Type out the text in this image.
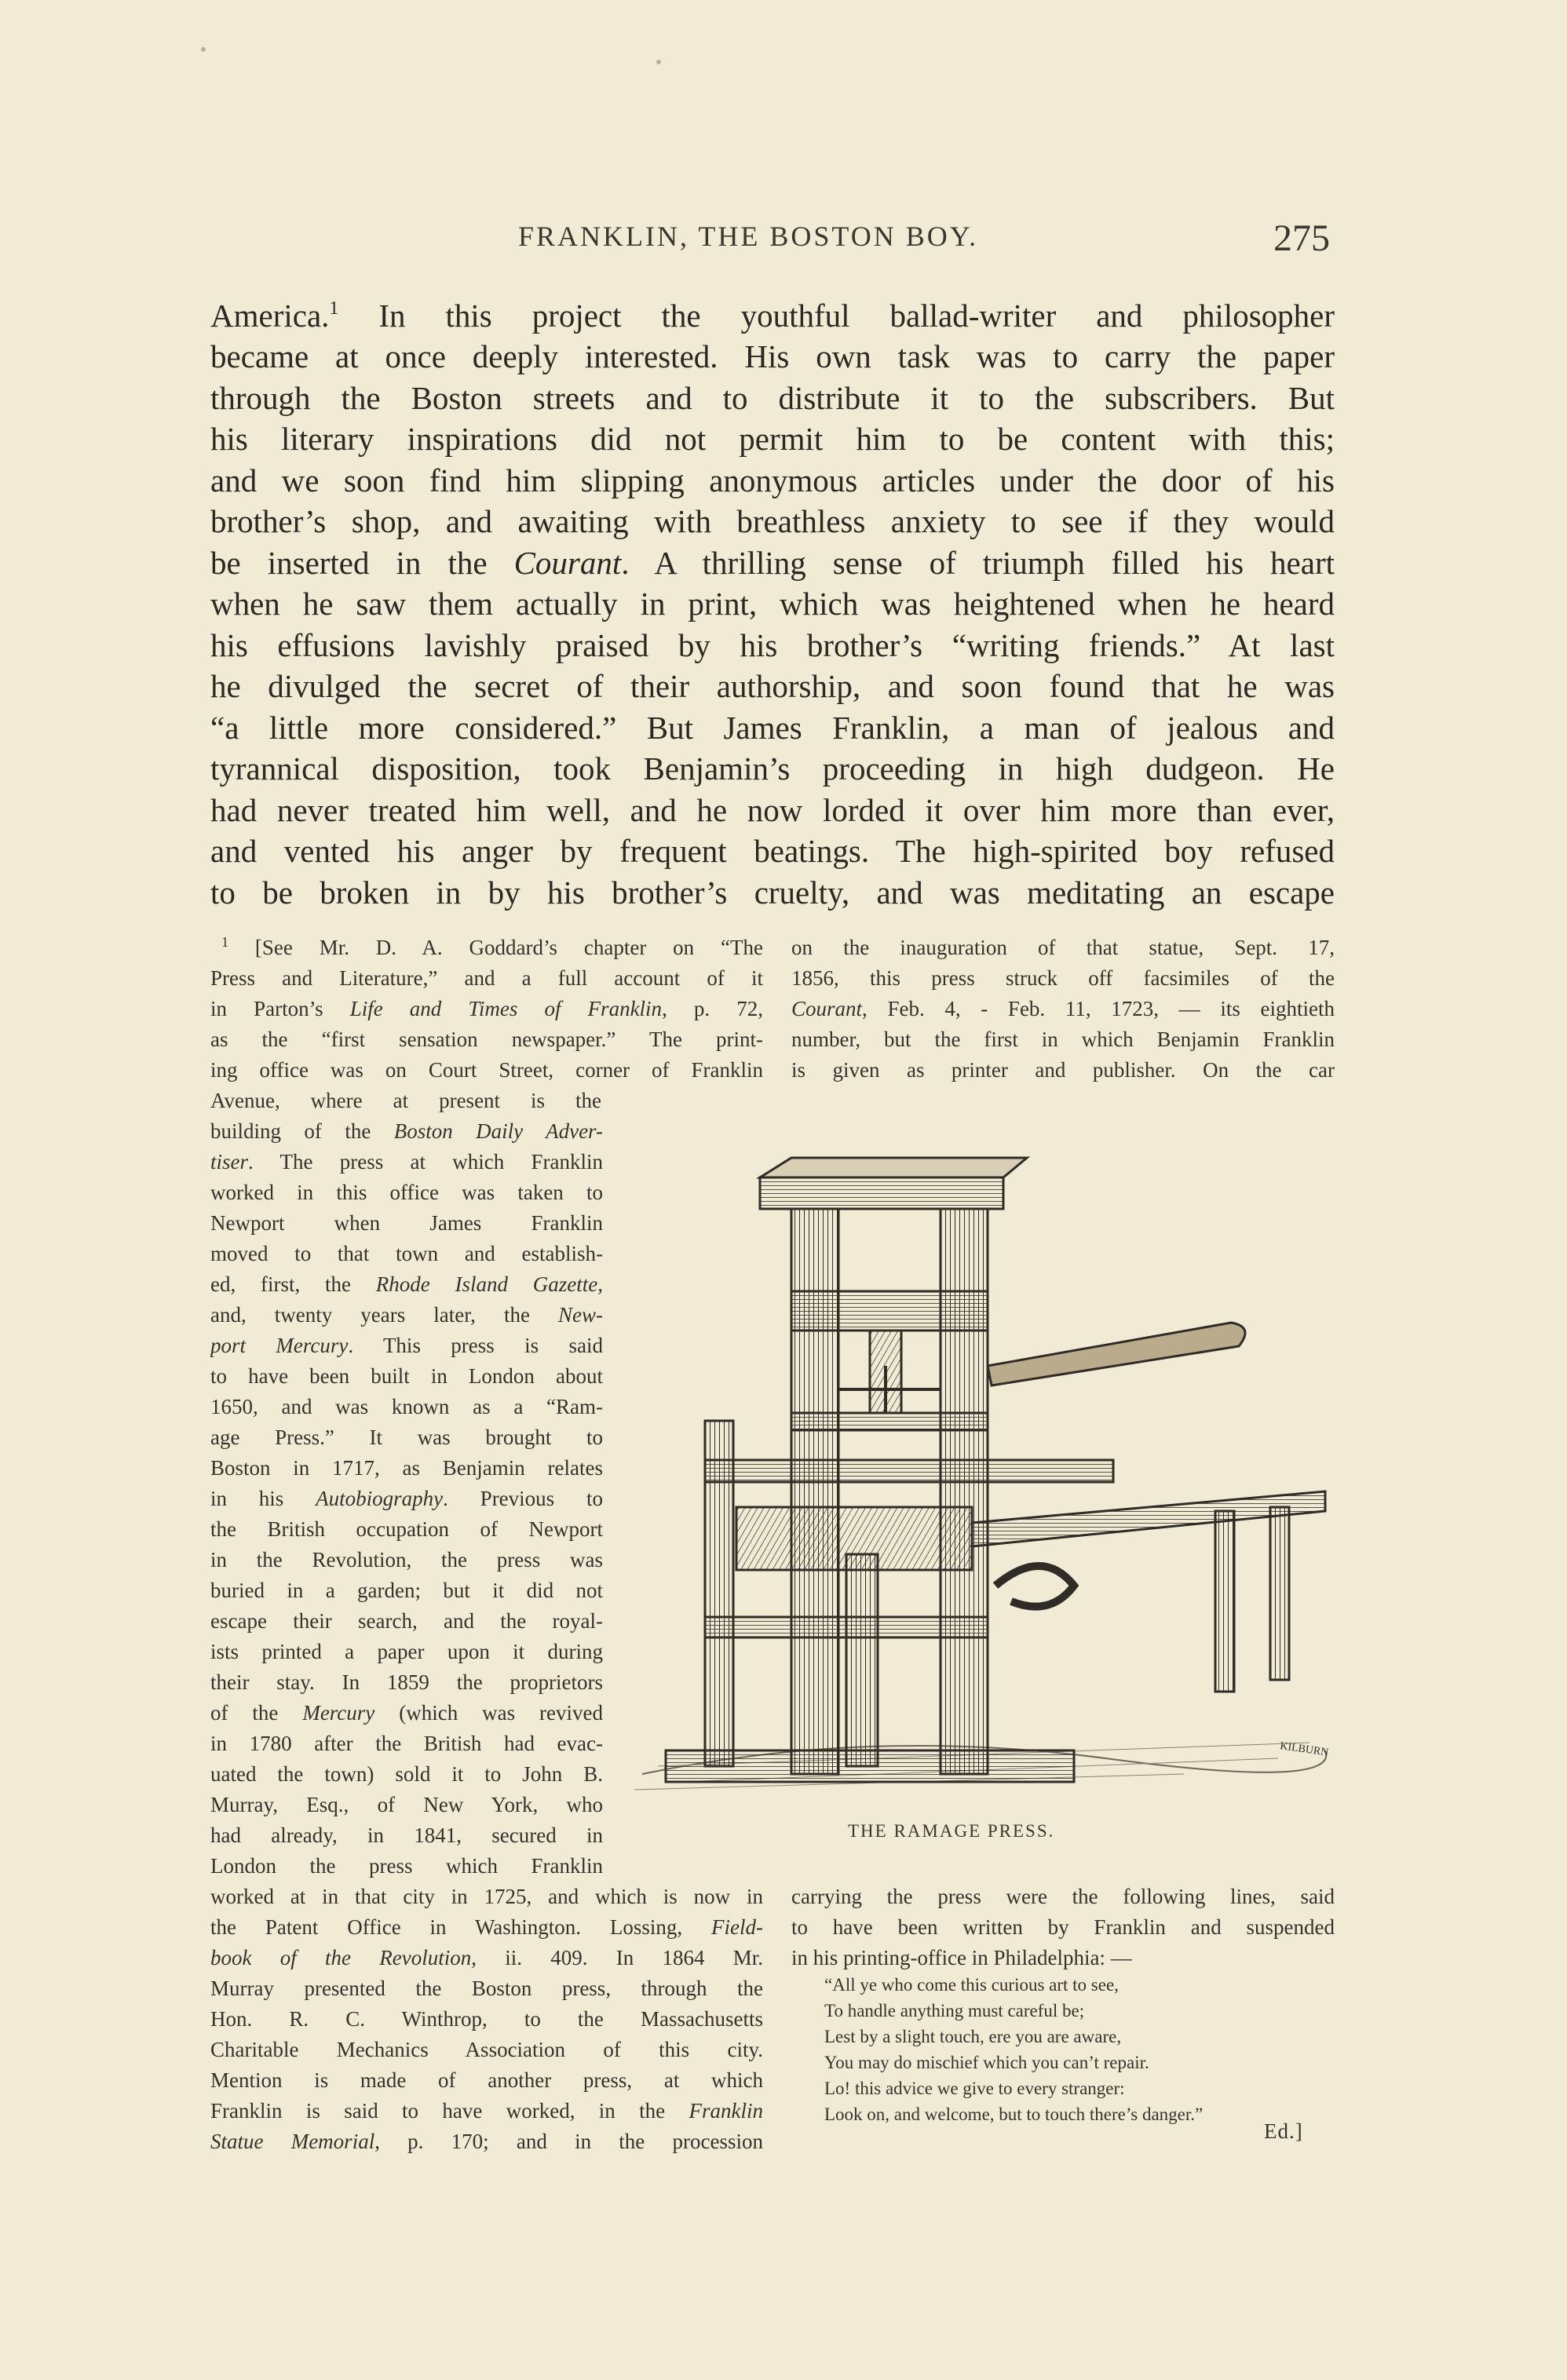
FRANKLIN, THE BOSTON BOY.	275
America.$^1$ In this project the youthful ballad-writer and philosopher
became at once deeply interested. His own task was to carry the paper
through the Boston streets and to distribute it to the subscribers. But
his literary inspirations did not permit him to be content with this;
and we soon find him slipping anonymous articles under the door of his
brother’s shop, and awaiting with breathless anxiety to see if they would
be inserted in the Courant. A thrilling sense of triumph filled his heart
when he saw them actually in print, which was heightened when he heard
his effusions lavishly praised by his brother’s “writing friends.” At last
he divulged the secret of their authorship, and soon found that he was
“a little more considered.” But James Franklin, a man of jealous and
tyrannical disposition, took Benjamin’s proceeding in high dudgeon. He
had never treated him well, and he now lorded it over him more than ever,
and vented his anger by frequent beatings. The high-spirited boy refused
to be broken in by his brother’s cruelty, and was meditating an escape
$^1$ [See Mr. D. A. Goddard’s chapter on “The
Press and Literature,” and a full account of it
in Parton’s Life and Times of Franklin, p. 72,
as the “first sensation newspaper.” The print-
ing office was on Court Street, corner of Franklin
Avenue, where at present is the
building of the Boston Daily Adver-
tiser. The press at which Franklin
worked in this office was taken to
Newport when James Franklin
moved to that town and establish-
ed, first, the Rhode Island Gazette,
and, twenty years later, the New-
port Mercury. This press is said
to have been built in London about
1650, and was known as a “Ram-
age Press.” It was brought to
Boston in 1717, as Benjamin relates
in his Autobiography. Previous to
the British occupation of Newport
in the Revolution, the press was
buried in a garden; but it did not
escape their search, and the royal-
ists printed a paper upon it during
their stay. In 1859 the proprietors
of the Mercury (which was revived
in 1780 after the British had evac-
uated the town) sold it to John B.
Murray, Esq., of New York, who
had already, in 1841, secured in
London the press which Franklin
worked at in that city in 1725, and which is now in
the Patent Office in Washington. Lossing, Field-
book of the Revolution, ii. 409. In 1864 Mr.
Murray presented the Boston press, through the
Hon. R. C. Winthrop, to the Massachusetts
Charitable Mechanics Association of this city.
Mention is made of another press, at which
Franklin is said to have worked, in the Franklin
Statue Memorial, p. 170; and in the procession
on the inauguration of that statue, Sept. 17,
1856, this press struck off facsimiles of the
Courant, Feb. 4, - Feb. 11, 1723, — its eightieth
number, but the first in which Benjamin Franklin
is given as printer and publisher. On the car
carrying the press were the following lines, said
to have been written by Franklin and suspended
in his printing-office in Philadelphia: —
“All ye who come this curious art to see,
To handle anything must careful be;
Lest by a slight touch, ere you are aware,
You may do mischief which you can’t repair.
Lo! this advice we give to every stranger:
Look on, and welcome, but to touch there’s danger.”
Ed.]
KILBURN
THE RAMAGE PRESS.
